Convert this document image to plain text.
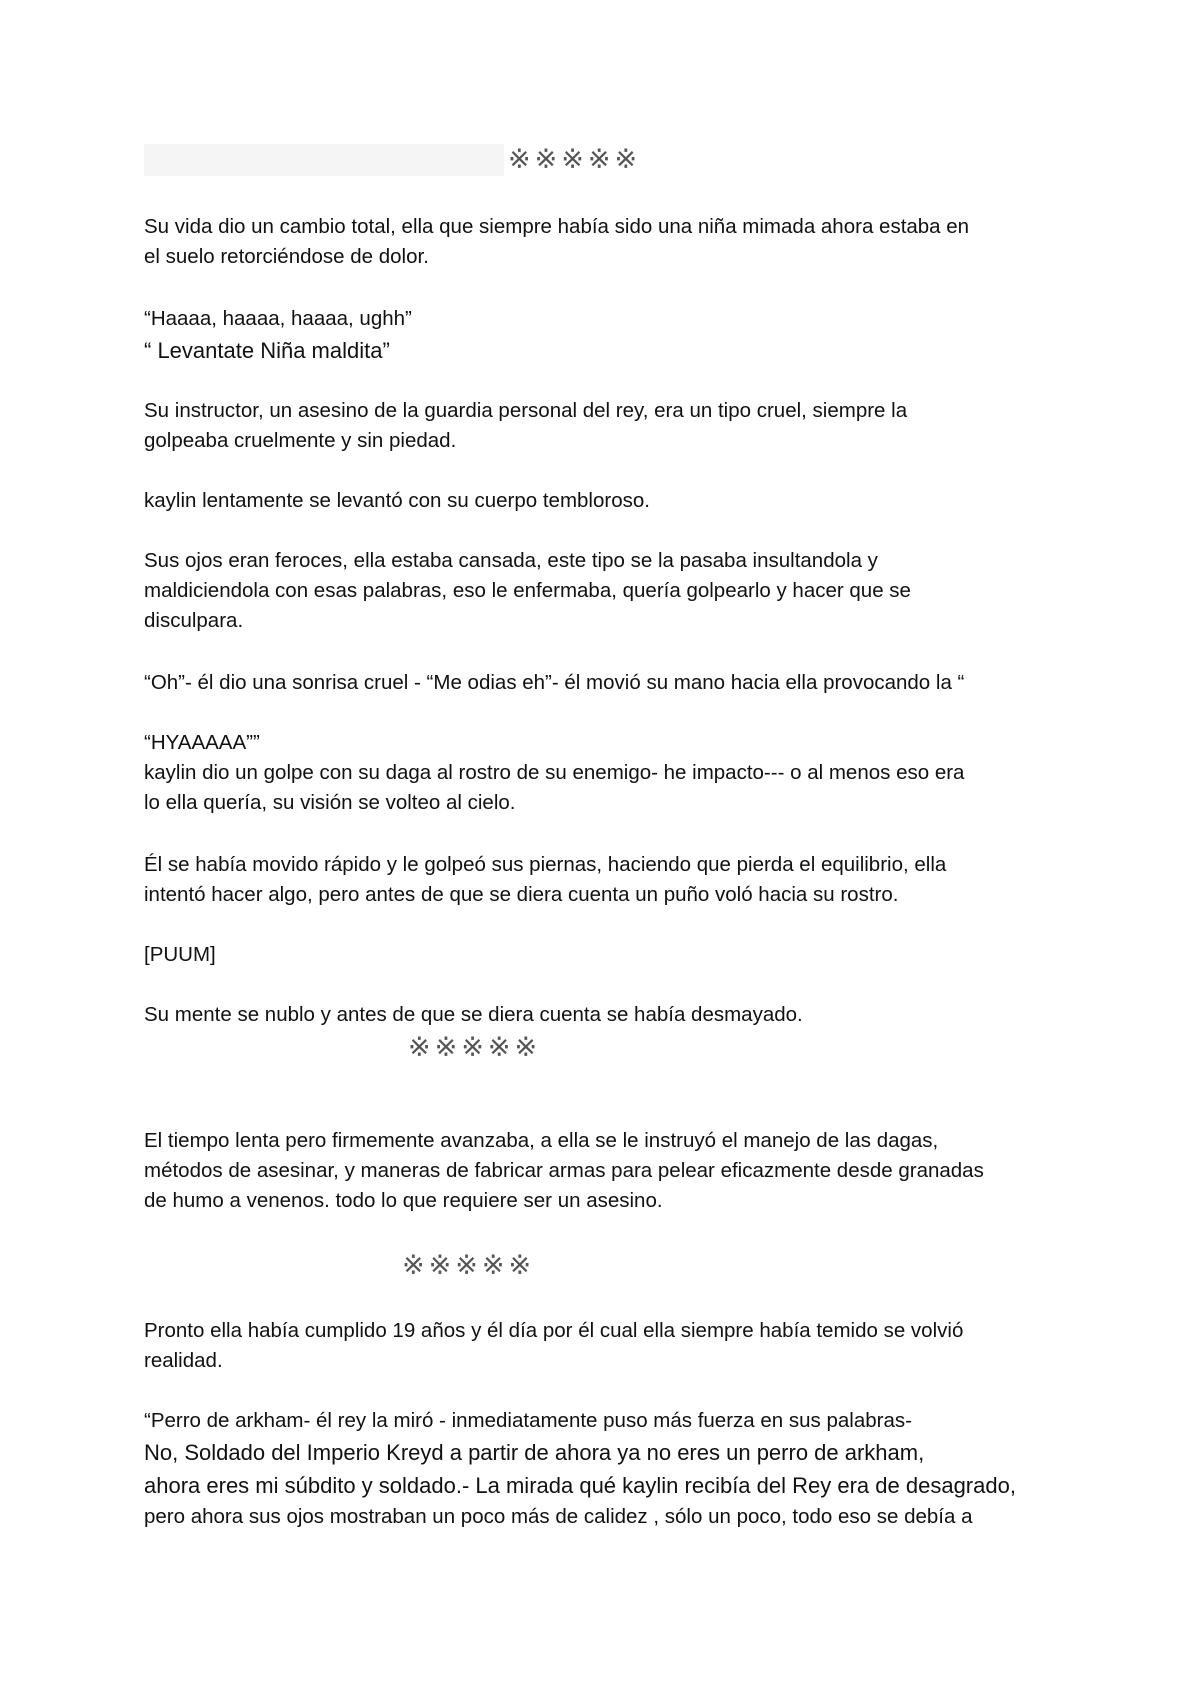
※※※※※

Su vida dio un cambio total, ella que siempre había sido una niña mimada ahora estaba en
el suelo retorciéndose de dolor.

“Haaaa, haaaa, haaaa, ughh”

“ Levantate Niña maldita”

Su instructor, un asesino de la guardia personal del rey, era un tipo cruel, siempre la
golpeaba cruelmente y sin piedad.

kaylin lentamente se levantó con su cuerpo tembloroso.

Sus ojos eran feroces, ella estaba cansada, este tipo se la pasaba insultandola y
maldiciendola con esas palabras, eso le enfermaba, quería golpearlo y hacer que se
disculpara.

“Oh”- él dio una sonrisa cruel - “Me odias eh”- él movió su mano hacia ella provocando la “

“HYAAAAA””
kaylin dio un golpe con su daga al rostro de su enemigo- he impacto--- o al menos eso era
lo ella quería, su visión se volteo al cielo.

Él se había movido rápido y le golpeó sus piernas, haciendo que pierda el equilibrio, ella
intentó hacer algo, pero antes de que se diera cuenta un puño voló hacia su rostro.

[PUUM]

Su mente se nublo y antes de que se diera cuenta se había desmayado.

※※※※※

El tiempo lenta pero firmemente avanzaba, a ella se le instruyó el manejo de las dagas,
métodos de asesinar, y maneras de fabricar armas para pelear eficazmente desde granadas
de humo a venenos. todo lo que requiere ser un asesino.

※※※※※

Pronto ella había cumplido 19 años y él día por él cual ella siempre había temido se volvió
realidad.

“Perro de arkham- él rey la miró - inmediatamente puso más fuerza en sus palabras-

No, Soldado del Imperio Kreyd a partir de ahora ya no eres un perro de arkham,
ahora eres mi súbdito y soldado.- La mirada qué kaylin recibía del Rey era de desagrado,
pero ahora sus ojos mostraban un poco más de calidez , sólo un poco, todo eso se debía a
